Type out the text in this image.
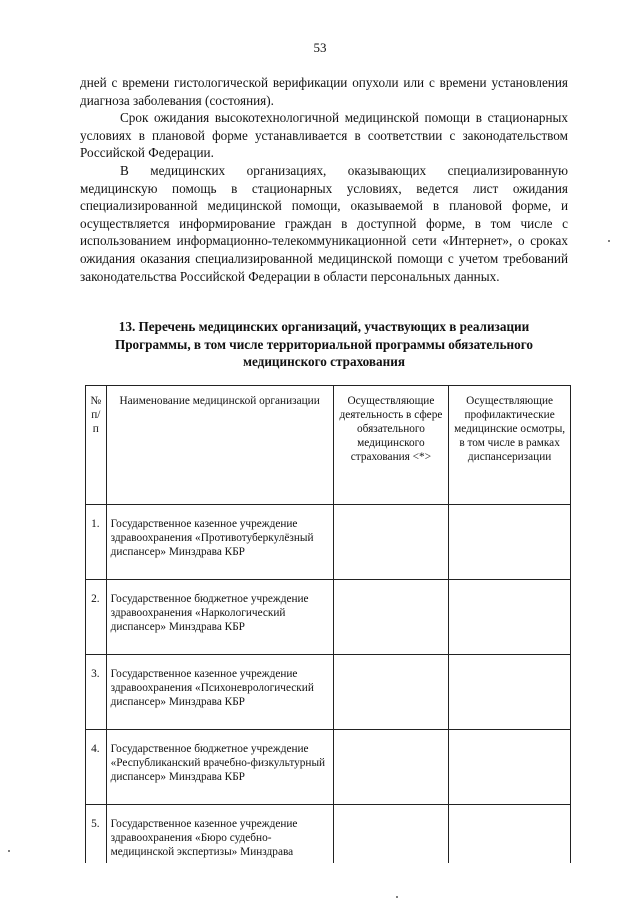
53

дней с времени гистологической верификации опухоли или с времени установления диагноза заболевания (состояния).

Срок ожидания высокотехнологичной медицинской помощи в стационарных условиях в плановой форме устанавливается в соответствии с законодательством Российской Федерации.

В медицинских организациях, оказывающих специализированную медицинскую помощь в стационарных условиях, ведется лист ожидания специализированной медицинской помощи, оказываемой в плановой форме, и осуществляется информирование граждан в доступной форме, в том числе с использованием информационно-телекоммуникационной сети «Интернет», о сроках ожидания оказания специализированной медицинской помощи с учетом требований законодательства Российской Федерации в области персональных данных.

13. Перечень медицинских организаций, участвующих в реализации Программы, в том числе территориальной программы обязательного медицинского страхования
№ п/п	Наименование медицинской организации	Осуществляющие деятельность в сфере обязательного медицинского страхования <*>	Осуществляющие профилактические медицинские осмотры, в том числе в рамках диспансеризации
1.	Государственное казенное учреждение здравоохранения «Противотуберкулёзный диспансер» Минздрава КБР		
2.	Государственное бюджетное учреждение здравоохранения «Наркологический диспансер» Минздрава КБР		
3.	Государственное казенное учреждение здравоохранения «Психоневрологический диспансер» Минздрава КБР		
4.	Государственное бюджетное учреждение «Республиканский врачебно-физкультурный диспансер» Минздрава КБР		
5.	Государственное казенное учреждение здравоохранения «Бюро судебно-медицинской экспертизы» Минздрава		
